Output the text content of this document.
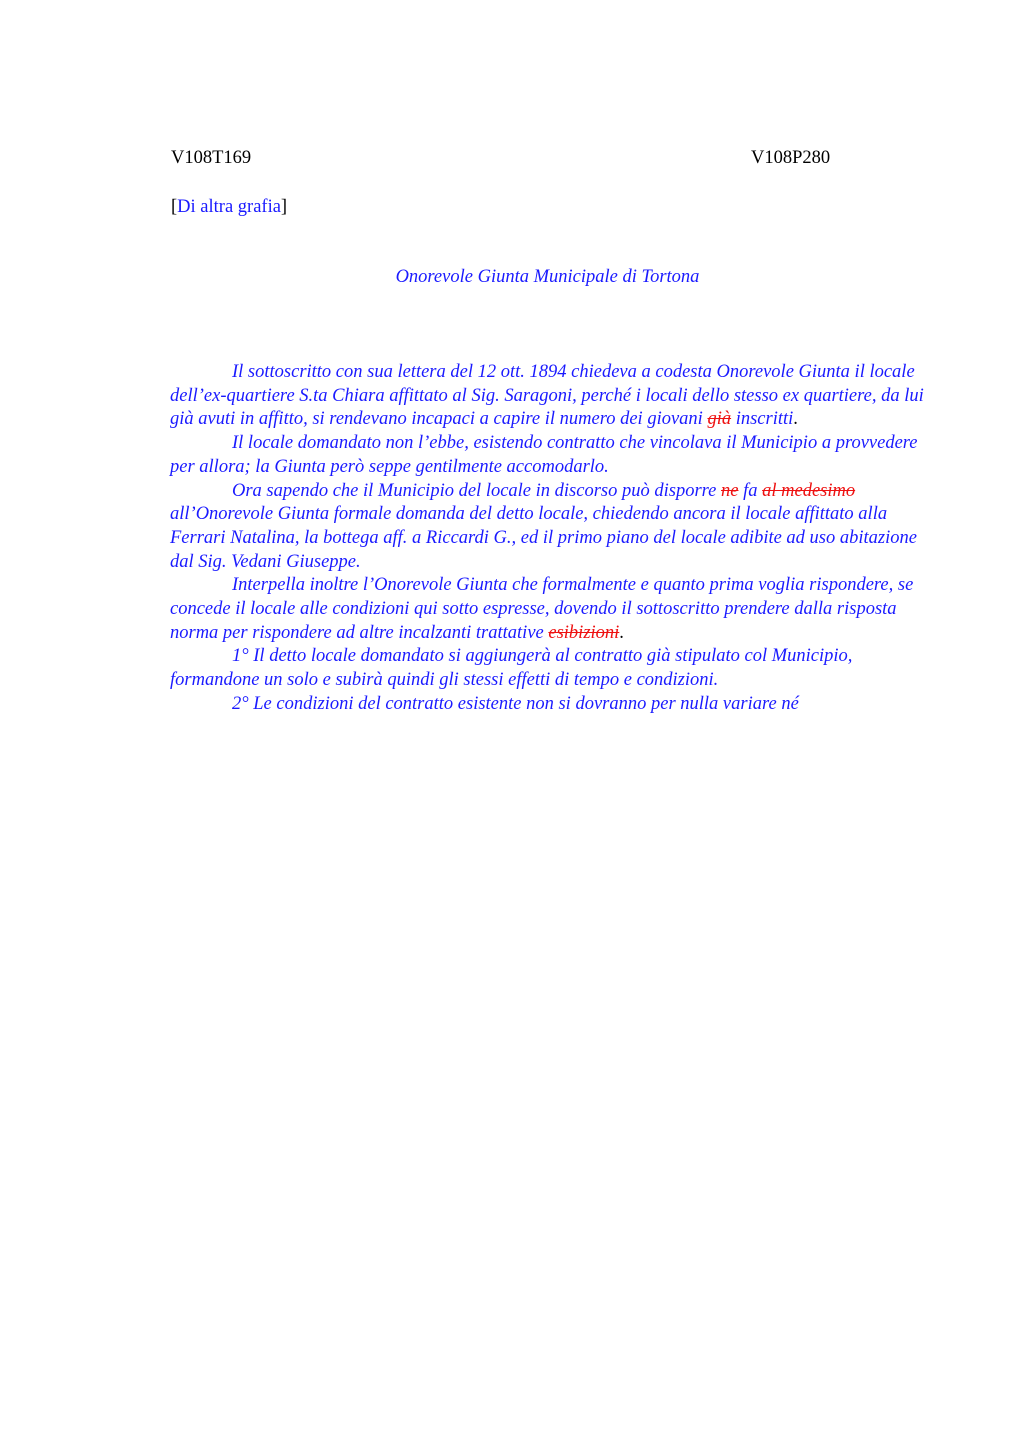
V108T169	V108P280
[Di altra grafia]
Onorevole Giunta Municipale di Tortona

Il sottoscritto con sua lettera del 12 ott. 1894 chiedeva a codesta Onorevole Giunta il locale dell’ex-quartiere S.ta Chiara affittato al Sig. Saragoni, perché i locali dello stesso ex quartiere, da lui già avuti in affitto, si rendevano incapaci a capire il numero dei giovani già inscritti.

Il locale domandato non l’ebbe, esistendo contratto che vincolava il Municipio a provvedere per allora; la Giunta però seppe gentilmente accomodarlo.

Ora sapendo che il Municipio del locale in discorso può disporre ne fa al medesimo all’Onorevole Giunta formale domanda del detto locale, chiedendo ancora il locale affittato alla Ferrari Natalina, la bottega aff. a Riccardi G., ed il primo piano del locale adibite ad uso abitazione dal Sig. Vedani Giuseppe.

Interpella inoltre l’Onorevole Giunta che formalmente e quanto prima voglia rispondere, se concede il locale alle condizioni qui sotto espresse, dovendo il sottoscritto prendere dalla risposta norma per rispondere ad altre incalzanti trattative esibizioni.

1° Il detto locale domandato si aggiungerà al contratto già stipulato col Municipio, formandone un solo e subirà quindi gli stessi effetti di tempo e condizioni.

2° Le condizioni del contratto esistente non si dovranno per nulla variare né
